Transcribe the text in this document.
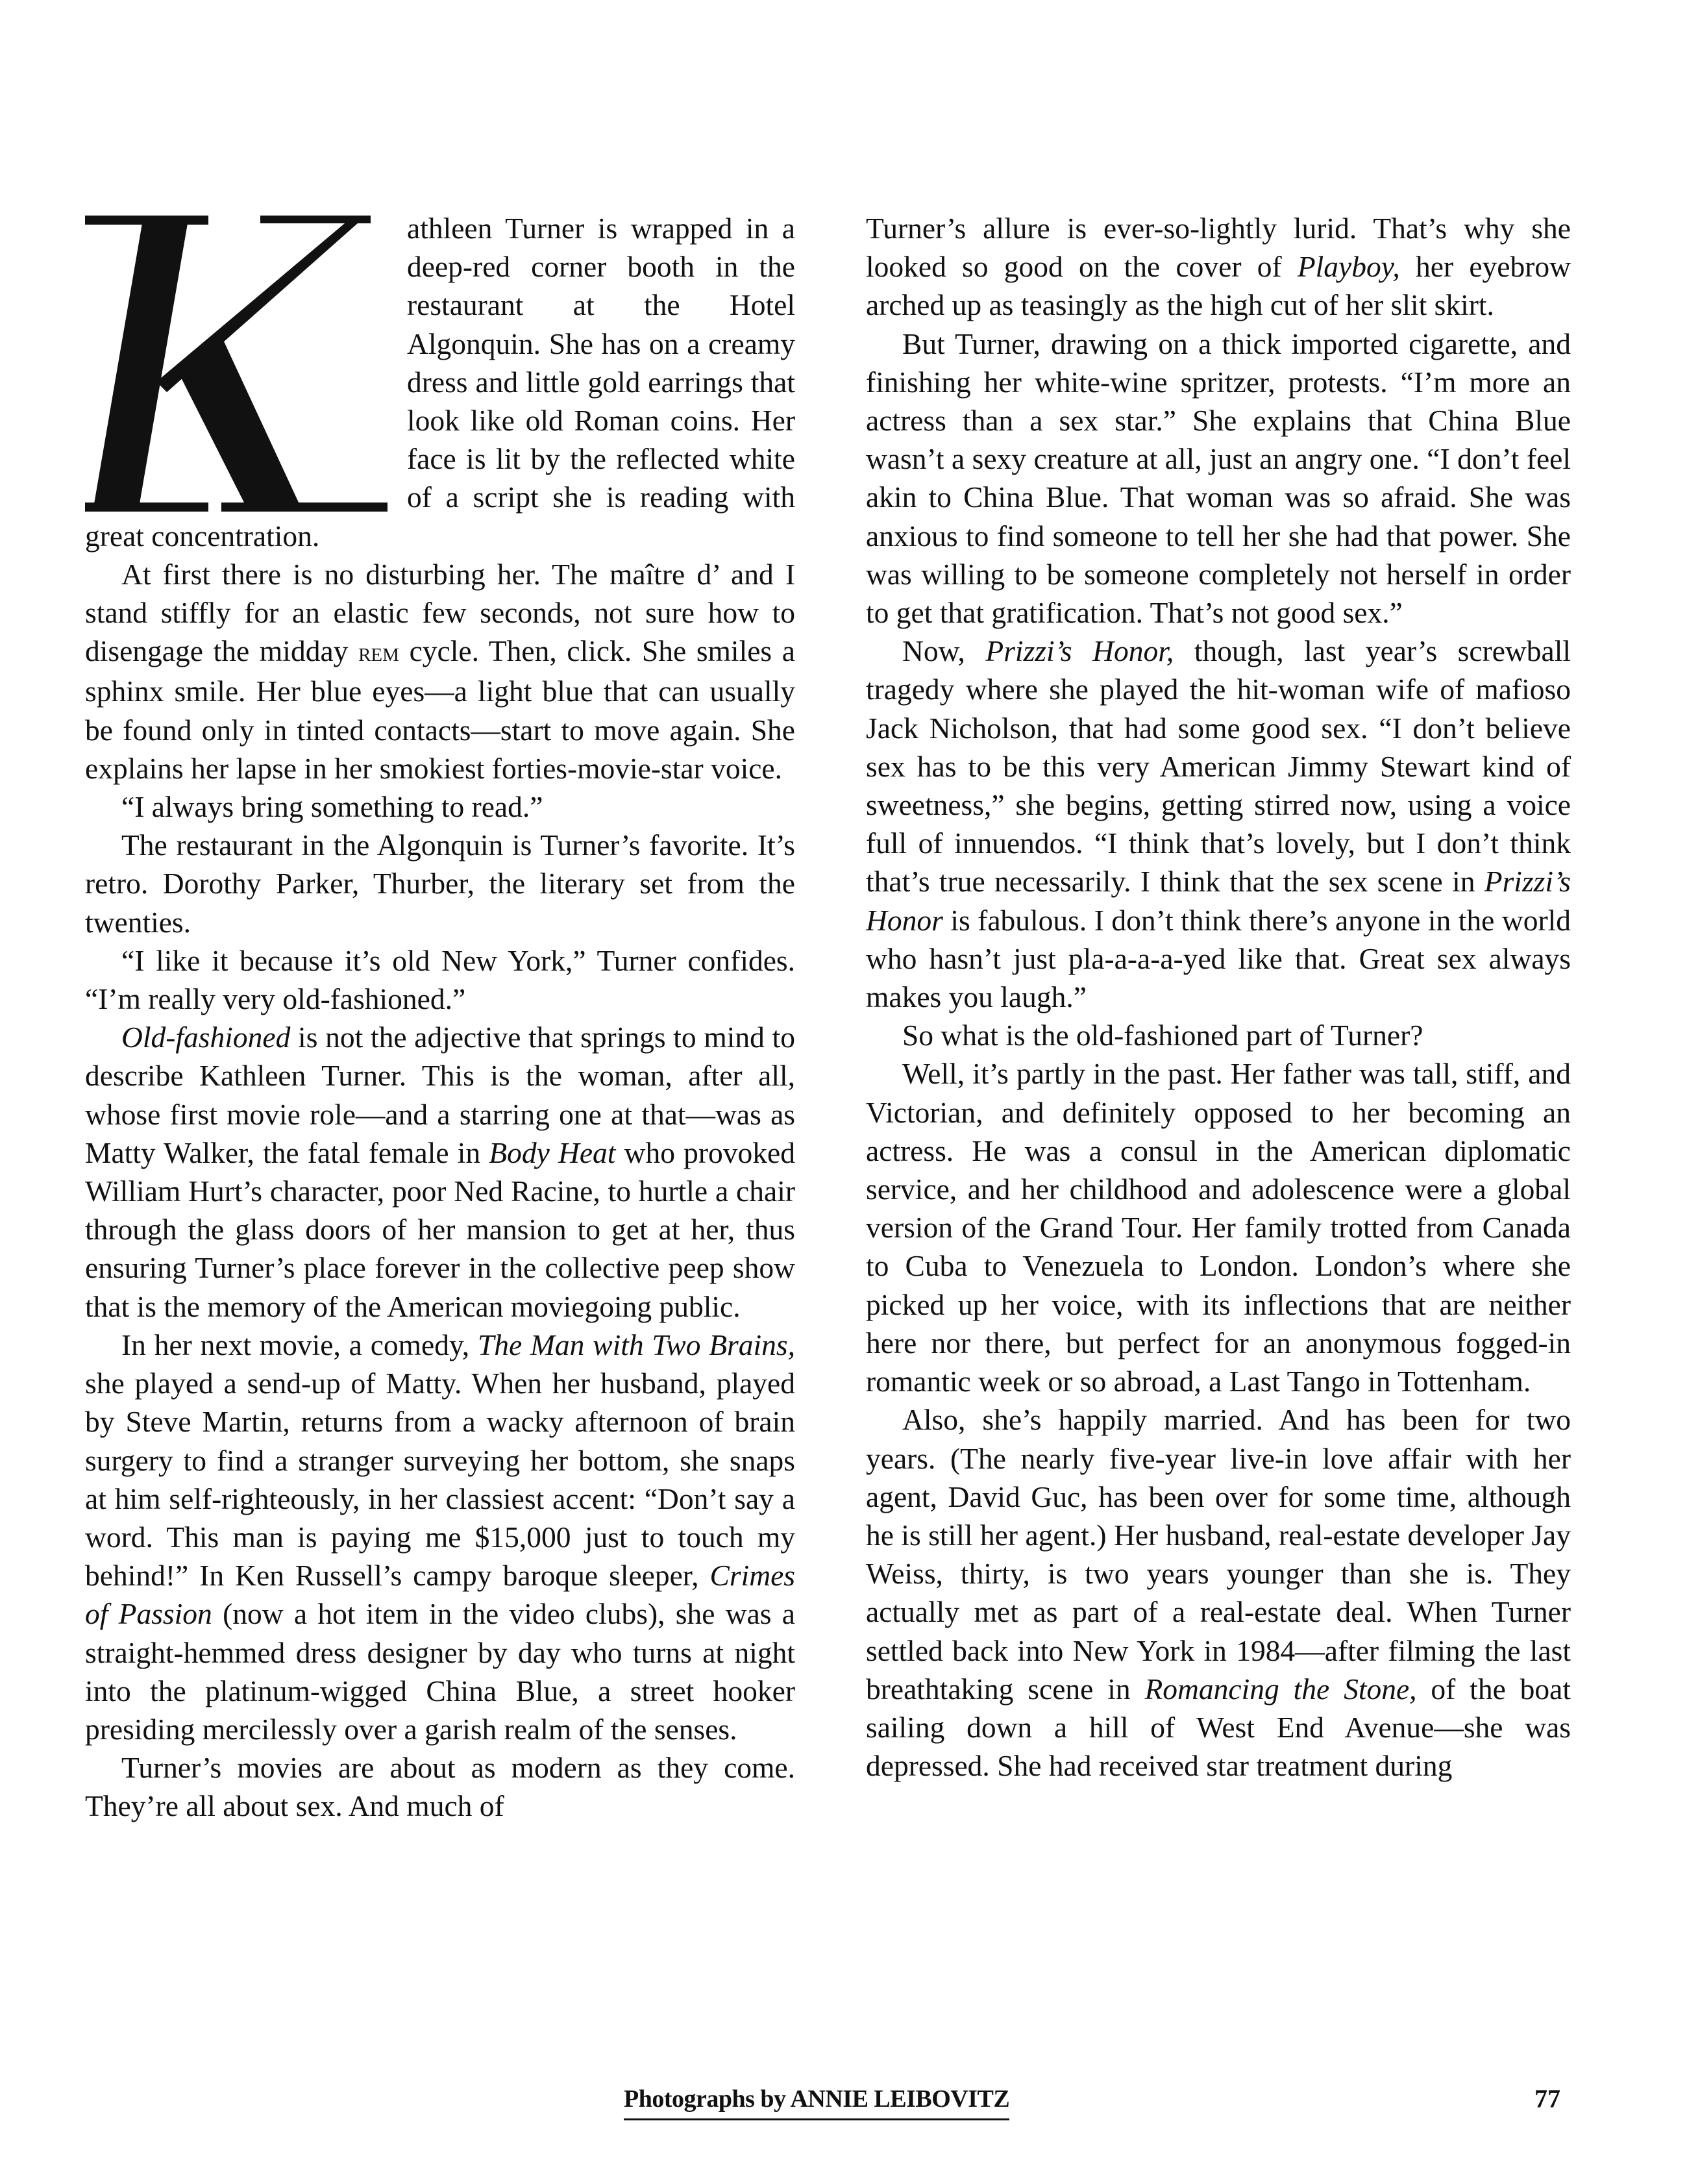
athleen Turner is wrapped in a deep-red corner booth in the restaurant at the Hotel Algonquin. She has on a creamy dress and little gold earrings that look like old Roman coins. Her face is lit by the reflected white of a script she is reading with great concentration.

At first there is no disturbing her. The maître d’ and I stand stiffly for an elastic few seconds, not sure how to disengage the midday rem cycle. Then, click. She smiles a sphinx smile. Her blue eyes—a light blue that can usually be found only in tinted contacts—start to move again. She explains her lapse in her smokiest forties-movie-star voice.

“I always bring something to read.”

The restaurant in the Algonquin is Turner’s favorite. It’s retro. Dorothy Parker, Thurber, the literary set from the twenties.

“I like it because it’s old New York,” Turner confides. “I’m really very old-fashioned.”

Old-fashioned is not the adjective that springs to mind to describe Kathleen Turner. This is the woman, after all, whose first movie role—and a starring one at that—was as Matty Walker, the fatal female in Body Heat who provoked William Hurt’s character, poor Ned Racine, to hurtle a chair through the glass doors of her mansion to get at her, thus ensuring Turner’s place forever in the collective peep show that is the memory of the American moviegoing public.

In her next movie, a comedy, The Man with Two Brains, she played a send-up of Matty. When her husband, played by Steve Martin, returns from a wacky afternoon of brain surgery to find a stranger surveying her bottom, she snaps at him self-righteously, in her classiest accent: “Don’t say a word. This man is paying me $15,000 just to touch my behind!” In Ken Russell’s campy baroque sleeper, Crimes of Passion (now a hot item in the video clubs), she was a straight-hemmed dress designer by day who turns at night into the platinum-wigged China Blue, a street hooker presiding mercilessly over a garish realm of the senses.

Turner’s movies are about as modern as they come. They’re all about sex. And much of

Turner’s allure is ever-so-lightly lurid. That’s why she looked so good on the cover of Playboy, her eyebrow arched up as teasingly as the high cut of her slit skirt.

But Turner, drawing on a thick imported cigarette, and finishing her white-wine spritzer, protests. “I’m more an actress than a sex star.” She explains that China Blue wasn’t a sexy creature at all, just an angry one. “I don’t feel akin to China Blue. That woman was so afraid. She was anxious to find someone to tell her she had that power. She was willing to be someone completely not herself in order to get that gratification. That’s not good sex.”

Now, Prizzi’s Honor, though, last year’s screwball tragedy where she played the hit-woman wife of mafioso Jack Nicholson, that had some good sex. “I don’t believe sex has to be this very American Jimmy Stewart kind of sweetness,” she begins, getting stirred now, using a voice full of innuendos. “I think that’s lovely, but I don’t think that’s true necessarily. I think that the sex scene in Prizzi’s Honor is fabulous. I don’t think there’s anyone in the world who hasn’t just pla-a-a-a-yed like that. Great sex always makes you laugh.”

So what is the old-fashioned part of Turner?

Well, it’s partly in the past. Her father was tall, stiff, and Victorian, and definitely opposed to her becoming an actress. He was a consul in the American diplomatic service, and her childhood and adolescence were a global version of the Grand Tour. Her family trotted from Canada to Cuba to Venezuela to London. London’s where she picked up her voice, with its inflections that are neither here nor there, but perfect for an anonymous fogged-in romantic week or so abroad, a Last Tango in Tottenham.

Also, she’s happily married. And has been for two years. (The nearly five-year live-in love affair with her agent, David Guc, has been over for some time, although he is still her agent.) Her husband, real-estate developer Jay Weiss, thirty, is two years younger than she is. They actually met as part of a real-estate deal. When Turner settled back into New York in 1984—after filming the last breathtaking scene in Romancing the Stone, of the boat sailing down a hill of West End Avenue—she was depressed. She had received star treatment during

Photographs by ANNIE LEIBOVITZ	77
